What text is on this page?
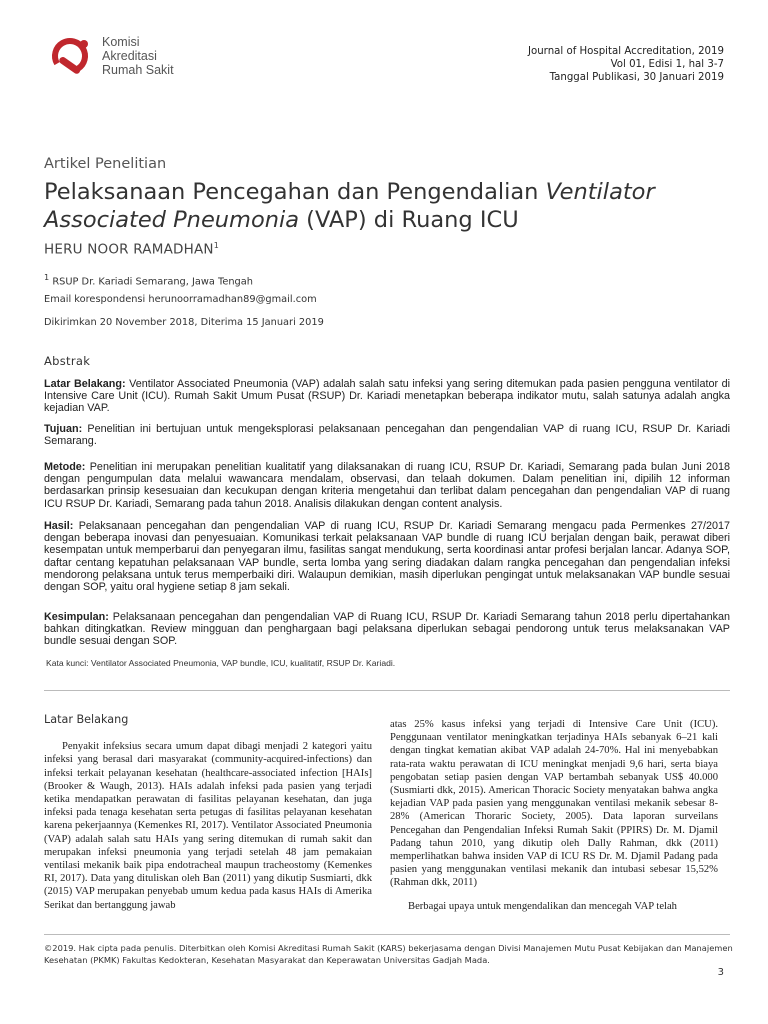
Komisi
Akreditasi
Rumah Sakit
Journal of Hospital Accreditation, 2019
Vol 01, Edisi 1, hal 3-7
Tanggal Publikasi, 30 Januari 2019
Artikel Penelitian
Pelaksanaan Pencegahan dan Pengendalian Ventilator Associated Pneumonia (VAP) di Ruang ICU
HERU NOOR RAMADHAN$^1$
$^1$ RSUP Dr. Kariadi Semarang, Jawa Tengah
Email korespondensi herunoorramadhan89@gmail.com
Dikirimkan 20 November 2018, Diterima 15 Januari 2019
Abstrak
Latar Belakang: Ventilator Associated Pneumonia (VAP) adalah salah satu infeksi yang sering ditemukan pada pasien pengguna ventilator di Intensive Care Unit (ICU). Rumah Sakit Umum Pusat (RSUP) Dr. Kariadi menetapkan beberapa indikator mutu, salah satunya adalah angka kejadian VAP.
Tujuan: Penelitian ini bertujuan untuk mengeksplorasi pelaksanaan pencegahan dan pengendalian VAP di ruang ICU, RSUP Dr. Kariadi Semarang.
Metode: Penelitian ini merupakan penelitian kualitatif yang dilaksanakan di ruang ICU, RSUP Dr. Kariadi, Semarang pada bulan Juni 2018 dengan pengumpulan data melalui wawancara mendalam, observasi, dan telaah dokumen. Dalam penelitian ini, dipilih 12 informan berdasarkan prinsip kesesuaian dan kecukupan dengan kriteria mengetahui dan terlibat dalam pencegahan dan pengendalian VAP di ruang ICU RSUP Dr. Kariadi, Semarang pada tahun 2018. Analisis dilakukan dengan content analysis.
Hasil: Pelaksanaan pencegahan dan pengendalian VAP di ruang ICU, RSUP Dr. Kariadi Semarang mengacu pada Permenkes 27/2017 dengan beberapa inovasi dan penyesuaian. Komunikasi terkait pelaksanaan VAP bundle di ruang ICU berjalan dengan baik, perawat diberi kesempatan untuk memperbarui dan penyegaran ilmu, fasilitas sangat mendukung, serta koordinasi antar profesi berjalan lancar. Adanya SOP, daftar centang kepatuhan pelaksanaan VAP bundle, serta lomba yang sering diadakan dalam rangka pencegahan dan pengendalian infeksi mendorong pelaksana untuk terus memperbaiki diri. Walaupun demikian, masih diperlukan pengingat untuk melaksanakan VAP bundle sesuai dengan SOP, yaitu oral hygiene setiap 8 jam sekali.
Kesimpulan: Pelaksanaan pencegahan dan pengendalian VAP di Ruang ICU, RSUP Dr. Kariadi Semarang tahun 2018 perlu dipertahankan bahkan ditingkatkan. Review mingguan dan penghargaan bagi pelaksana diperlukan sebagai pendorong untuk terus melaksanakan VAP bundle sesuai dengan SOP.
Kata kunci: Ventilator Associated Pneumonia, VAP bundle, ICU, kualitatif, RSUP Dr. Kariadi.
Latar Belakang

Penyakit infeksius secara umum dapat dibagi menjadi 2 kategori yaitu infeksi yang berasal dari masyarakat (community-acquired-infections) dan infeksi terkait pelayanan kesehatan (healthcare-associated infection [HAIs] (Brooker & Waugh, 2013). HAIs adalah infeksi pada pasien yang terjadi ketika mendapatkan perawatan di fasilitas pelayanan kesehatan, dan juga infeksi pada tenaga kesehatan serta petugas di fasilitas pelayanan kesehatan karena pekerjaannya (Kemenkes RI, 2017). Ventilator Associated Pneumonia (VAP) adalah salah satu HAIs yang sering ditemukan di rumah sakit dan merupakan infeksi pneumonia yang terjadi setelah 48 jam pemakaian ventilasi mekanik baik pipa endotracheal maupun tracheostomy (Kemenkes RI, 2017). Data yang dituliskan oleh Ban (2011) yang dikutip Susmiarti, dkk (2015) VAP merupakan penyebab umum kedua pada kasus HAIs di Amerika Serikat dan bertanggung jawab

atas 25% kasus infeksi yang terjadi di Intensive Care Unit (ICU). Penggunaan ventilator meningkatkan terjadinya HAIs sebanyak 6–21 kali dengan tingkat kematian akibat VAP adalah 24-70%. Hal ini menyebabkan rata-rata waktu perawatan di ICU meningkat menjadi 9,6 hari, serta biaya pengobatan setiap pasien dengan VAP bertambah sebanyak US$ 40.000 (Susmiarti dkk, 2015). American Thoracic Society menyatakan bahwa angka kejadian VAP pada pasien yang menggunakan ventilasi mekanik sebesar 8-28% (American Thoraric Society, 2005). Data laporan surveilans Pencegahan dan Pengendalian Infeksi Rumah Sakit (PPIRS) Dr. M. Djamil Padang tahun 2010, yang dikutip oleh Dally Rahman, dkk (2011) memperlihatkan bahwa insiden VAP di ICU RS Dr. M. Djamil Padang pada pasien yang menggunakan ventilasi mekanik dan intubasi sebesar 15,52% (Rahman dkk, 2011)

Berbagai upaya untuk mengendalikan dan mencegah VAP telah

©2019. Hak cipta pada penulis. Diterbitkan oleh Komisi Akreditasi Rumah Sakit (KARS) bekerjasama dengan Divisi Manajemen Mutu Pusat Kebijakan dan Manajemen Kesehatan (PKMK) Fakultas Kedokteran, Kesehatan Masyarakat dan Keperawatan Universitas Gadjah Mada.
3
